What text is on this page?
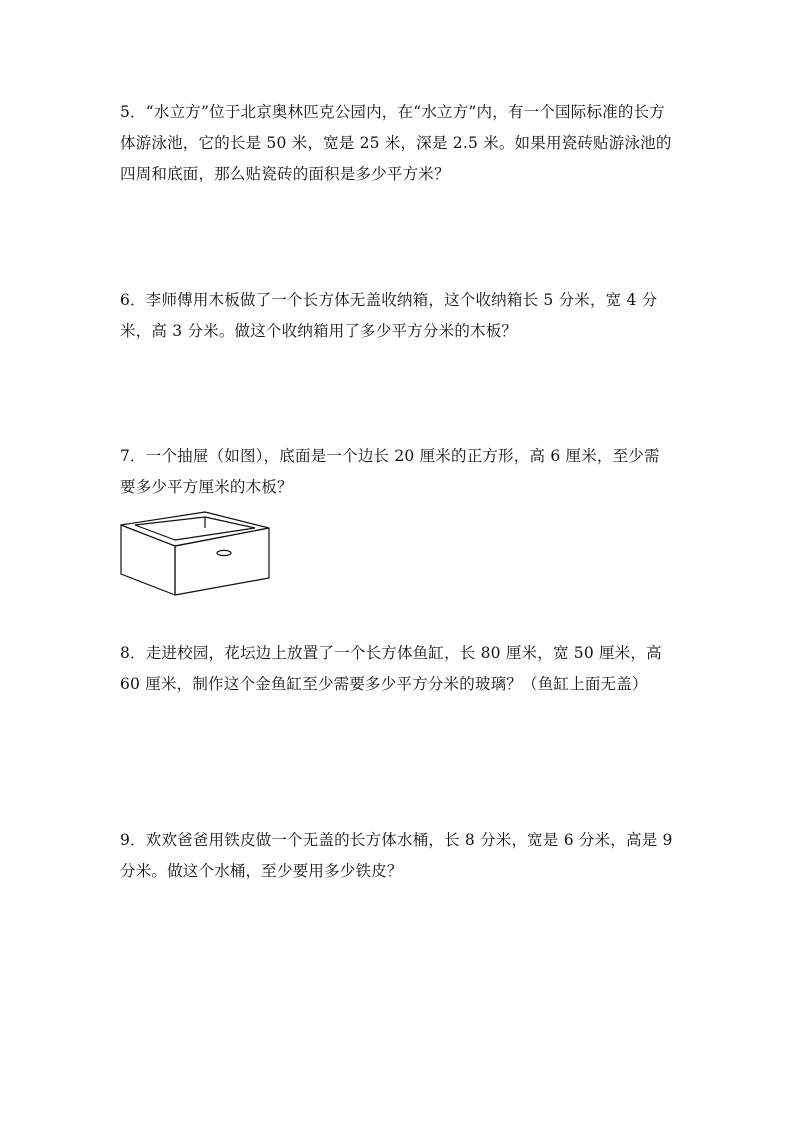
5．“水立方”位于北京奥林匹克公园内，在“水立方”内，有一个国际标准的长方
体游泳池，它的长是 50 米，宽是 25 米，深是 2.5 米。如果用瓷砖贴游泳池的
四周和底面，那么贴瓷砖的面积是多少平方米？
6．李师傅用木板做了一个长方体无盖收纳箱，这个收纳箱长 5 分米，宽 4 分
米，高 3 分米。做这个收纳箱用了多少平方分米的木板？
7．一个抽屉（如图），底面是一个边长 20 厘米的正方形，高 6 厘米，至少需
要多少平方厘米的木板？
8．走进校园，花坛边上放置了一个长方体鱼缸，长 80 厘米，宽 50 厘米，高
60 厘米，制作这个金鱼缸至少需要多少平方分米的玻璃？（鱼缸上面无盖）
9．欢欢爸爸用铁皮做一个无盖的长方体水桶，长 8 分米，宽是 6 分米，高是 9
分米。做这个水桶，至少要用多少铁皮？
